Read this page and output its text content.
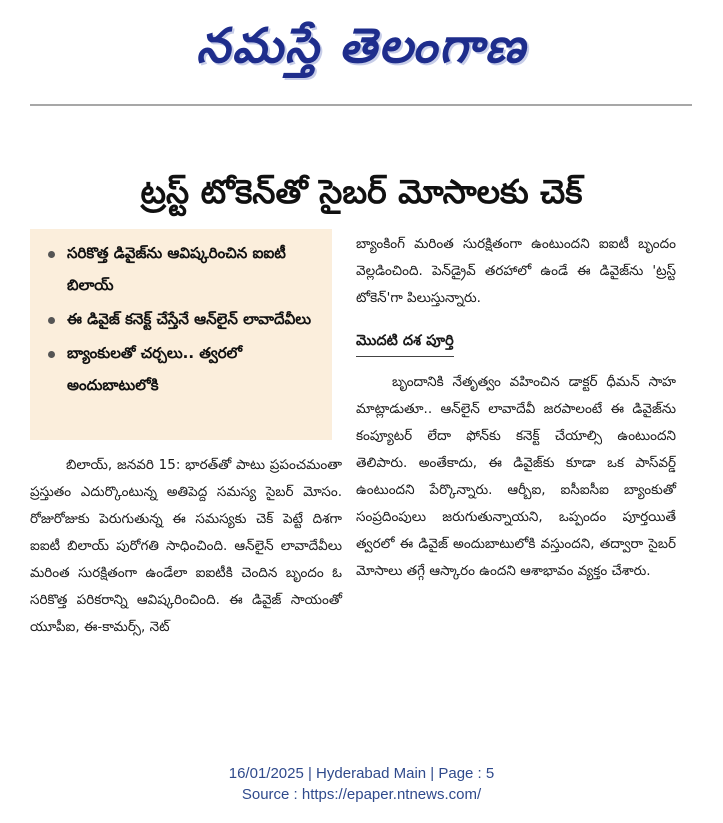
నమస్తే తెలంగాణ
ట్రస్ట్ టోకెన్‌తో సైబర్ మోసాలకు చెక్
సరికొత్త డివైజ్‌ను ఆవిష్కరించిన ఐఐటీ బిలాయ్
ఈ డివైజ్ కనెక్ట్ చేస్తేనే ఆన్‌లైన్ లావాదేవీలు
బ్యాంకులతో చర్చలు.. త్వరలో అందుబాటులోకి

బిలాయ్, జనవరి 15: భారత్‌తో పాటు ప్రపంచమంతా ప్రస్తుతం ఎదుర్కొంటున్న అతిపెద్ద సమస్య సైబర్ మోసం. రోజురోజుకు పెరుగుతున్న ఈ సమస్యకు చెక్ పెట్టే దిశగా ఐఐటీ బిలాయ్ పురోగతి సాధించింది. ఆన్‌లైన్ లావాదేవీలు మరింత సురక్షితంగా ఉండేలా ఐఐటీకి చెందిన బృందం ఓ సరికొత్త పరికరాన్ని ఆవిష్కరించింది. ఈ డివైజ్ సాయంతో యూపీఐ, ఈ-కామర్స్, నెట్

బ్యాంకింగ్ మరింత సురక్షితంగా ఉంటుందని ఐఐటీ బృందం వెల్లడించింది. పెన్‌డ్రైవ్ తరహాలో ఉండే ఈ డివైజ్‌ను 'ట్రస్ట్ టోకెన్'గా పిలుస్తున్నారు.

మొదటి దశ పూర్తి

బృందానికి నేతృత్వం వహించిన డాక్టర్ ధీమన్ సాహ మాట్లాడుతూ.. ఆన్‌లైన్ లావాదేవీ జరపాలంటే ఈ డివైజ్‌ను కంప్యూటర్ లేదా ఫోన్‌కు కనెక్ట్ చేయాల్సి ఉంటుందని తెలిపారు. అంతేకాదు, ఈ డివైజ్‌కు కూడా ఒక పాస్‌వర్డ్ ఉంటుందని పేర్కొన్నారు. ఆర్బీఐ, ఐసీఐసీఐ బ్యాంకుతో సంప్రదింపులు జరుగుతున్నాయని, ఒప్పందం పూర్తయితే త్వరలో ఈ డివైజ్ అందుబాటులోకి వస్తుందని, తద్వారా సైబర్ మోసాలు తగ్గే ఆస్కారం ఉందని ఆశాభావం వ్యక్తం చేశారు.

16/01/2025 | Hyderabad Main | Page : 5
Source : https://epaper.ntnews.com/
